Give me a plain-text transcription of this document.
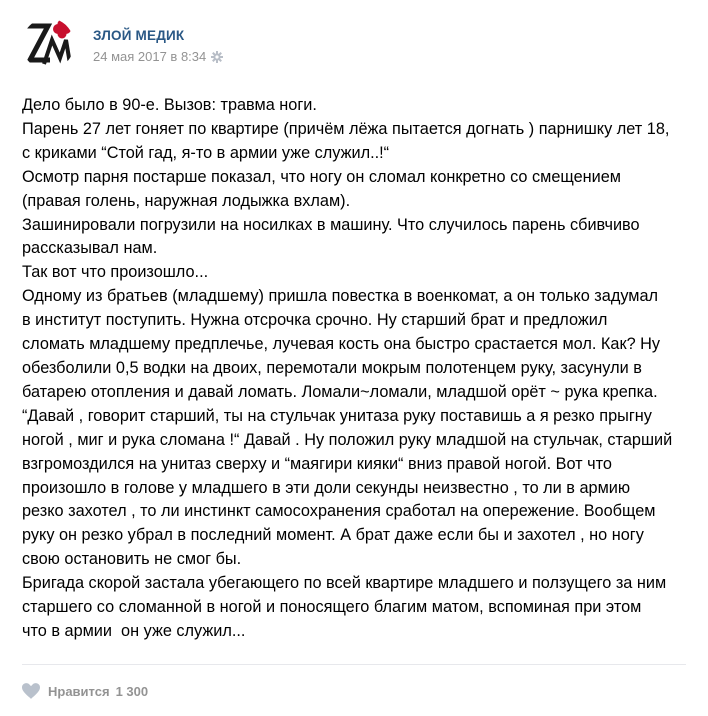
ЗЛОЙ МЕДИК
24 мая 2017 в 8:34
Дело было в 90-е. Вызов: травма ноги.
Парень 27 лет гоняет по квартире (причём лёжа пытается догнать ) парнишку лет 18,
с криками “Стой гад, я-то в армии уже служил..!“
Осмотр парня постарше показал, что ногу он сломал конкретно со смещением
(правая голень, наружная лодыжка вхлам).
Зашинировали погрузили на носилках в машину. Что случилось парень сбивчиво
рассказывал нам.
Так вот что произошло...
Одному из братьев (младшему) пришла повестка в военкомат, а он только задумал
в институт поступить. Нужна отсрочка срочно. Ну старший брат и предложил
сломать младшему предплечье, лучевая кость она быстро срастается мол. Как? Ну
обезболили 0,5 водки на двоих, перемотали мокрым полотенцем руку, засунули в
батарею отопления и давай ломать. Ломали~ломали, младшой орёт ~ рука крепка.
“Давай , говорит старший, ты на стульчак унитаза руку поставишь а я резко прыгну
ногой , миг и рука сломана !“ Давай . Ну положил руку младшой на стульчак, старший
взгромоздился на унитаз сверху и “маягири кияки“ вниз правой ногой. Вот что
произошло в голове у младшего в эти доли секунды неизвестно , то ли в армию
резко захотел , то ли инстинкт самосохранения сработал на опережение. Вообщем
руку он резко убрал в последний момент. А брат даже если бы и захотел , но ногу
свою остановить не смог бы.
Бригада скорой застала убегающего по всей квартире младшего и ползущего за ним
старшего со сломанной в ногой и поносящего благим матом, вспоминая при этом
что в армии  он уже служил...
Нравится 1 300
